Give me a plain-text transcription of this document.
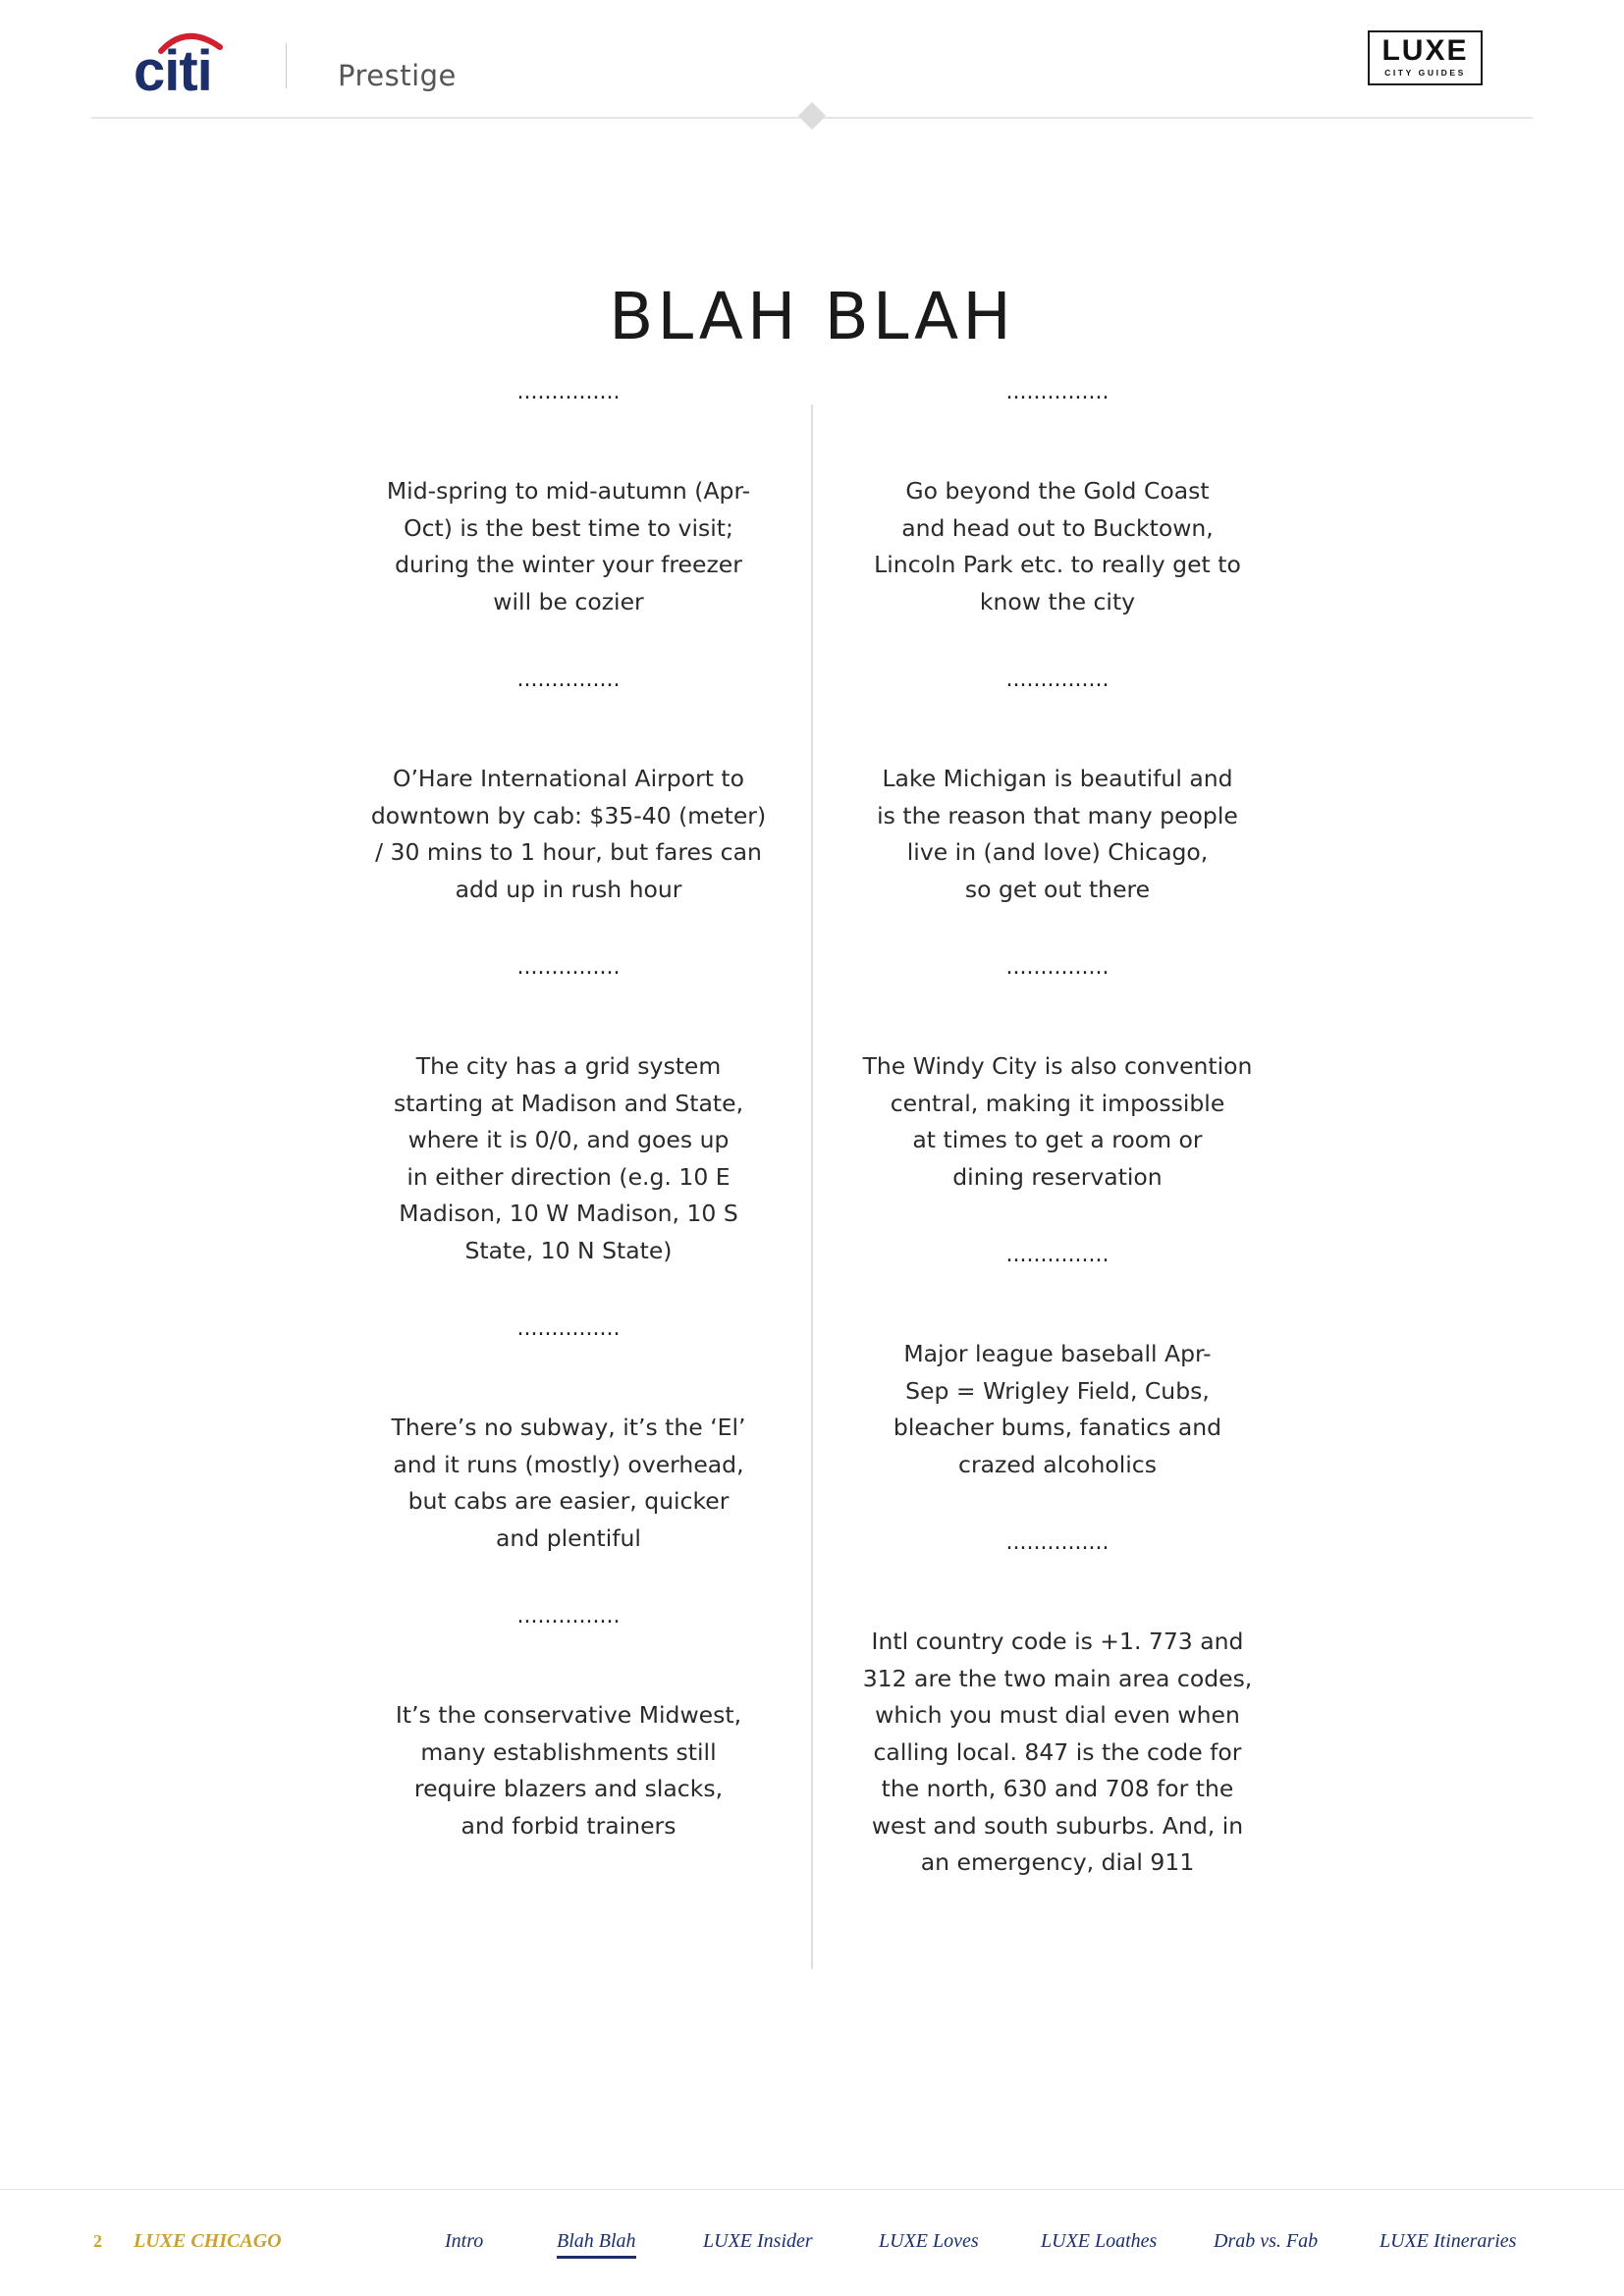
citi	Prestige
LUXE
CITY GUIDES
BLAH BLAH
...............
Mid-spring to mid-autumn (Apr-
Oct) is the best time to visit;
during the winter your freezer
will be cozier
...............
O’Hare International Airport to
downtown by cab: $35-40 (meter)
/ 30 mins to 1 hour, but fares can
add up in rush hour
...............
The city has a grid system
starting at Madison and State,
where it is 0/0, and goes up
in either direction (e.g. 10 E
Madison, 10 W Madison, 10 S
State, 10 N State)
...............
There’s no subway, it’s the ‘El’
and it runs (mostly) overhead,
but cabs are easier, quicker
and plentiful
...............
It’s the conservative Midwest,
many establishments still
require blazers and slacks,
and forbid trainers
...............
Go beyond the Gold Coast
and head out to Bucktown,
Lincoln Park etc. to really get to
know the city
...............
Lake Michigan is beautiful and
is the reason that many people
live in (and love) Chicago,
so get out there
...............
The Windy City is also convention
central, making it impossible
at times to get a room or
dining reservation
...............
Major league baseball Apr-
Sep = Wrigley Field, Cubs,
bleacher bums, fanatics and
crazed alcoholics
...............
Intl country code is +1. 773 and
312 are the two main area codes,
which you must dial even when
calling local. 847 is the code for
the north, 630 and 708 for the
west and south suburbs. And, in
an emergency, dial 911
2 LUXE CHICAGO	Intro	Blah Blah	LUXE Insider	LUXE Loves	LUXE Loathes	Drab vs. Fab	LUXE Itineraries
